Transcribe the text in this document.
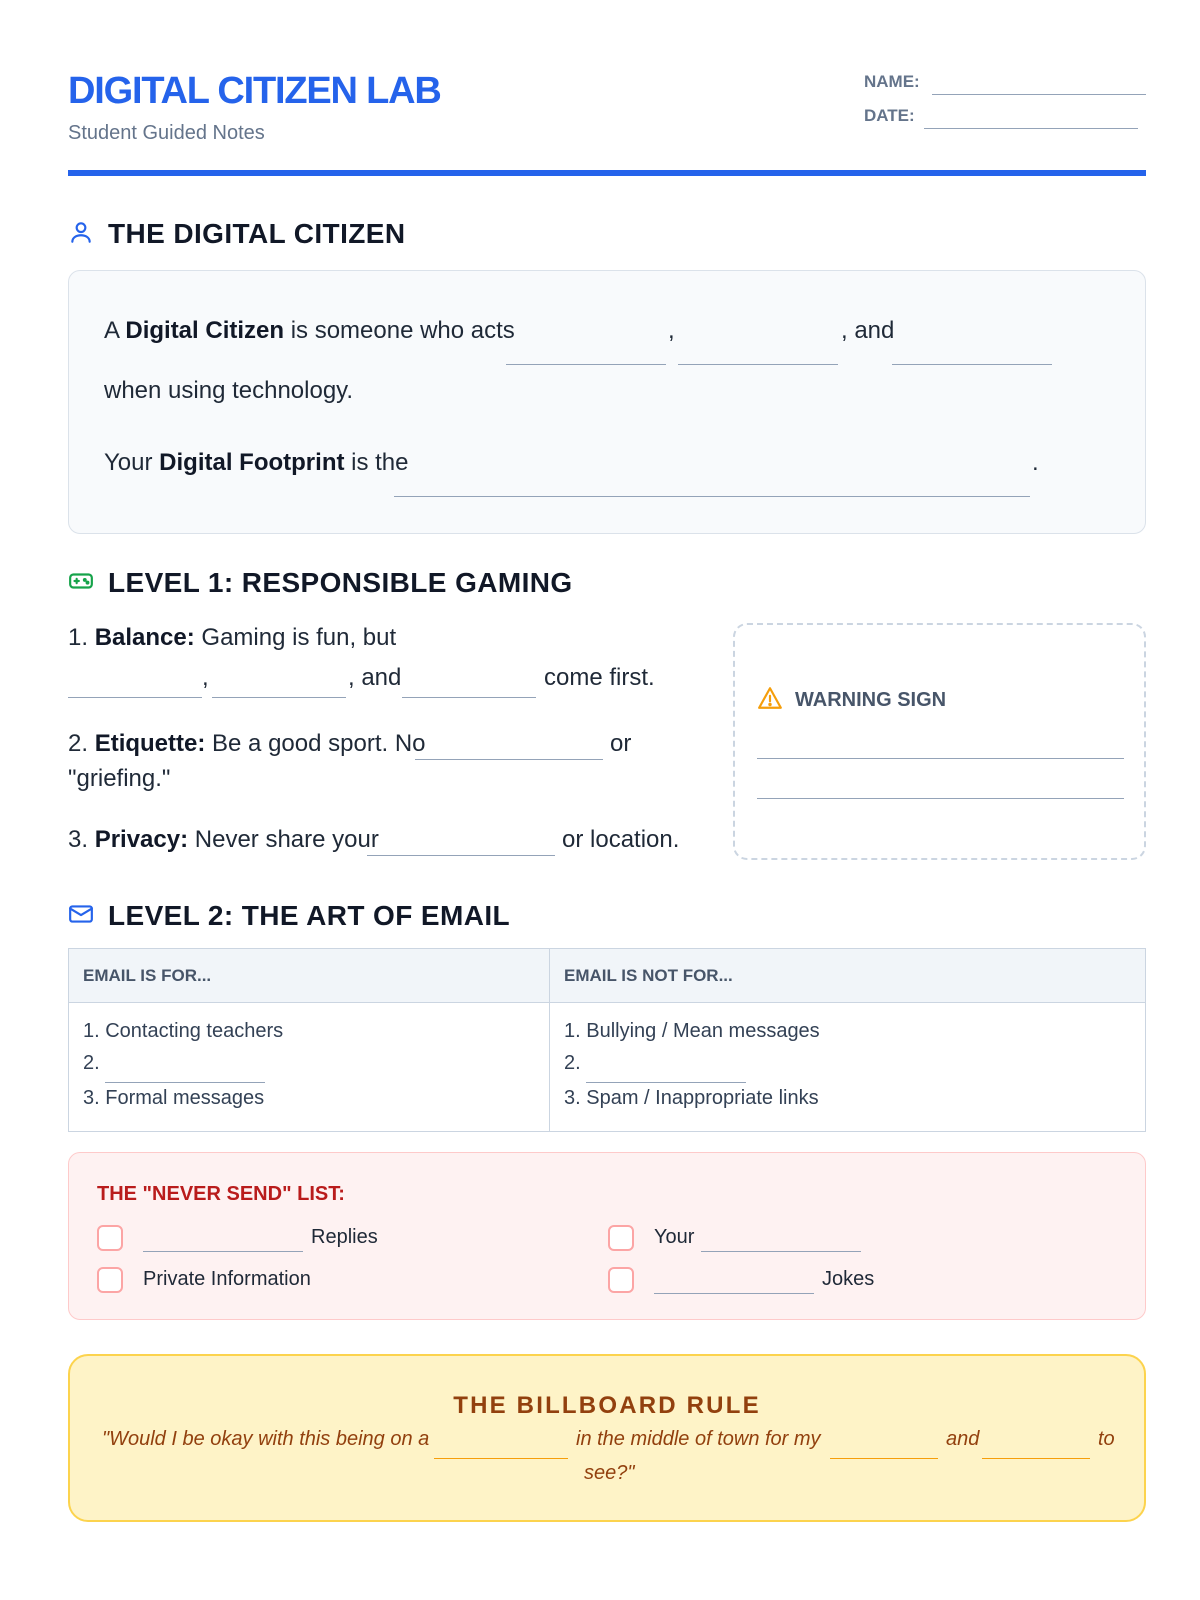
DIGITAL CITIZEN LAB
Student Guided Notes
NAME:
DATE:
THE DIGITAL CITIZEN
A Digital Citizen is someone who acts	,	, and
when using technology.
Your Digital Footprint is the	.
LEVEL 1: RESPONSIBLE GAMING
1. Balance: Gaming is fun, but
,	, and	come first.
2. Etiquette: Be a good sport. No	or
"griefing."
3. Privacy: Never share your	or location.
WARNING SIGN
LEVEL 2: THE ART OF EMAIL
EMAIL IS FOR...	EMAIL IS NOT FOR...
1. Contacting teachers
2.
3. Formal messages
1. Bullying / Mean messages
2.
3. Spam / Inappropriate links
THE "NEVER SEND" LIST:
Replies
Private Information
Your
Jokes
THE BILLBOARD RULE
"Would I be okay with this being on a	in the middle of town for my	and	to
see?"
